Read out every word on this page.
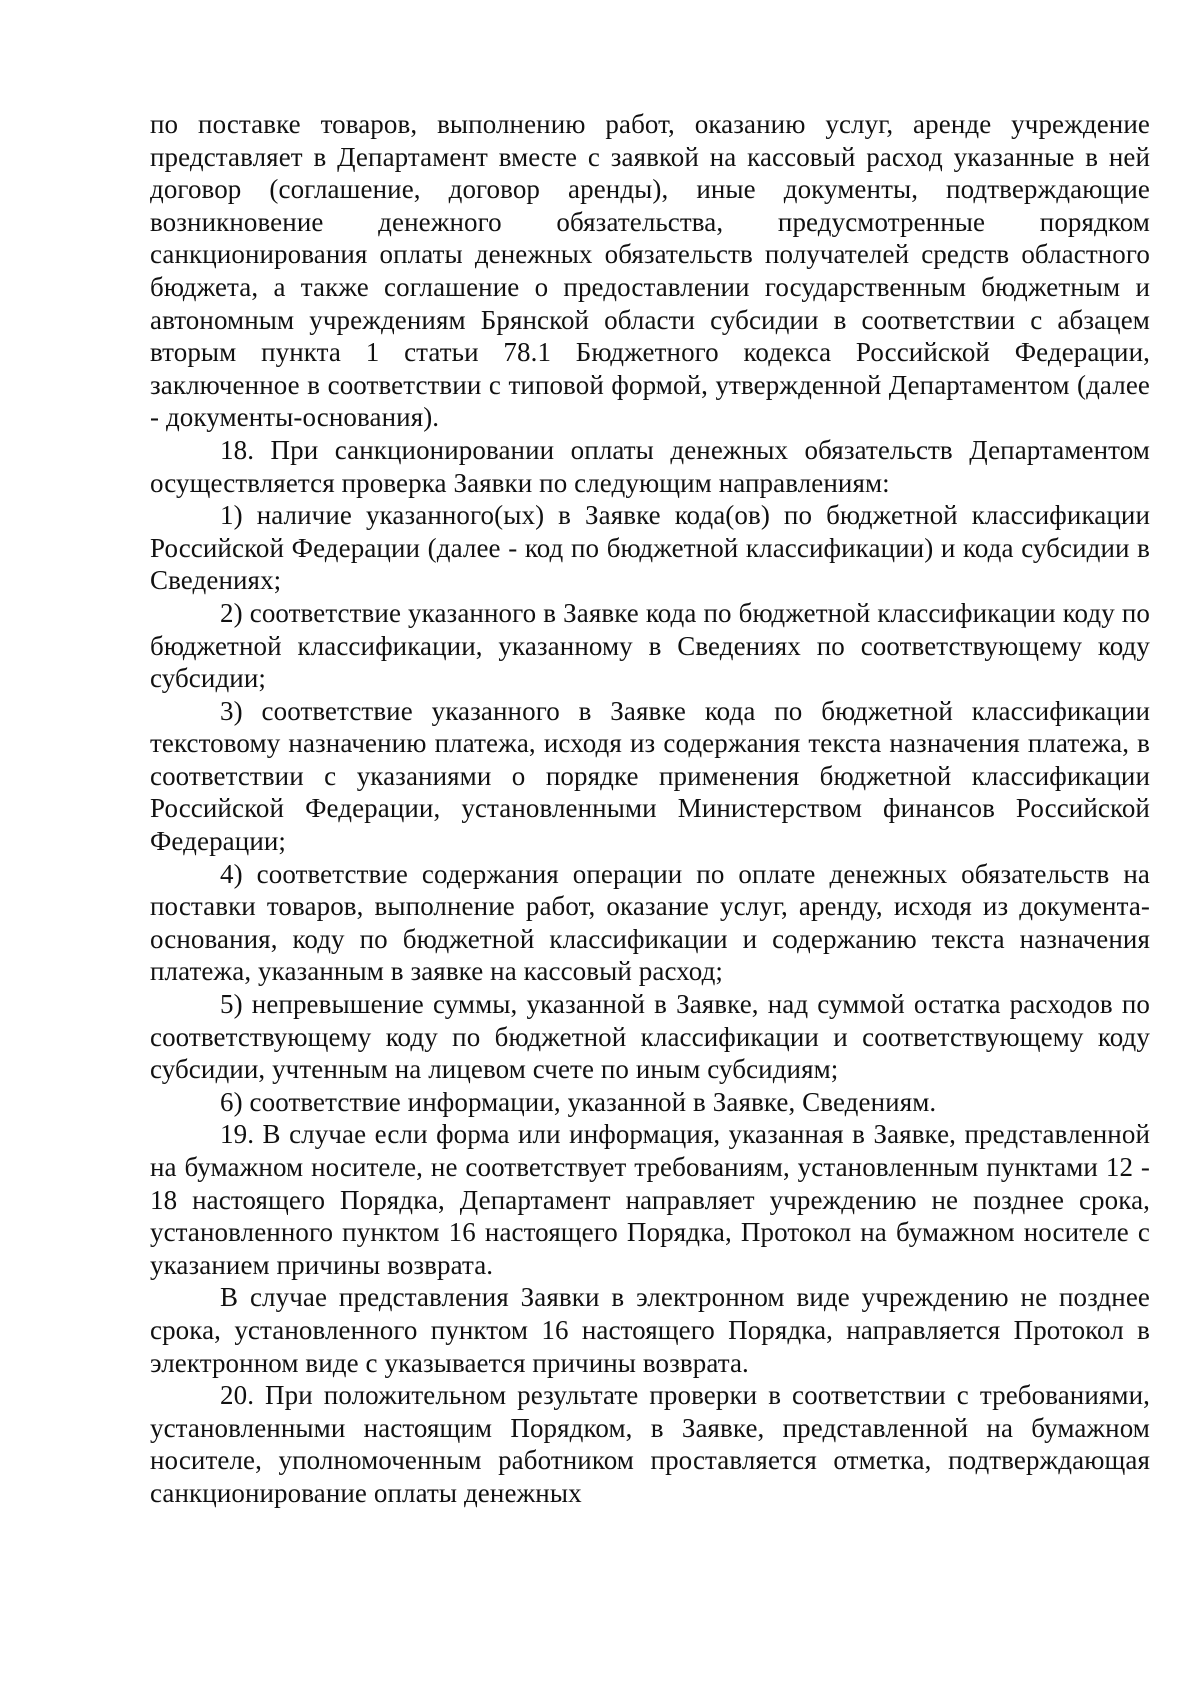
по поставке товаров, выполнению работ, оказанию услуг, аренде учреждение представляет в Департамент вместе с заявкой на кассовый расход указанные в ней договор (соглашение, договор аренды), иные документы, подтверждающие возникновение денежного обязательства, предусмотренные порядком санкционирования оплаты денежных обязательств получателей средств областного бюджета, а также соглашение о предоставлении государственным бюджетным и автономным учреждениям Брянской области субсидии в соответствии с абзацем вторым пункта 1 статьи 78.1 Бюджетного кодекса Российской Федерации, заключенное в соответствии с типовой формой, утвержденной Департаментом (далее - документы-основания).

18. При санкционировании оплаты денежных обязательств Департаментом осуществляется проверка Заявки по следующим направлениям:

1) наличие указанного(ых) в Заявке кода(ов) по бюджетной классификации Российской Федерации (далее - код по бюджетной классификации) и кода субсидии в Сведениях;

2) соответствие указанного в Заявке кода по бюджетной классификации коду по бюджетной классификации, указанному в Сведениях по соответствующему коду субсидии;

3) соответствие указанного в Заявке кода по бюджетной классификации текстовому назначению платежа, исходя из содержания текста назначения платежа, в соответствии с указаниями о порядке применения бюджетной классификации Российской Федерации, установленными Министерством финансов Российской Федерации;

4) соответствие содержания операции по оплате денежных обязательств на поставки товаров, выполнение работ, оказание услуг, аренду, исходя из документа-основания, коду по бюджетной классификации и содержанию текста назначения платежа, указанным в заявке на кассовый расход;

5) непревышение суммы, указанной в Заявке, над суммой остатка расходов по соответствующему коду по бюджетной классификации и соответствующему коду субсидии, учтенным на лицевом счете по иным субсидиям;

6) соответствие информации, указанной в Заявке, Сведениям.

19. В случае если форма или информация, указанная в Заявке, представленной на бумажном носителе, не соответствует требованиям, установленным пунктами 12 - 18 настоящего Порядка, Департамент направляет учреждению не позднее срока, установленного пунктом 16 настоящего Порядка, Протокол на бумажном носителе с указанием причины возврата.

В случае представления Заявки в электронном виде учреждению не позднее срока, установленного пунктом 16 настоящего Порядка, направляется Протокол в электронном виде с указывается причины возврата.

20. При положительном результате проверки в соответствии с требованиями, установленными настоящим Порядком, в Заявке, представленной на бумажном носителе, уполномоченным работником проставляется отметка, подтверждающая санкционирование оплаты денежных
